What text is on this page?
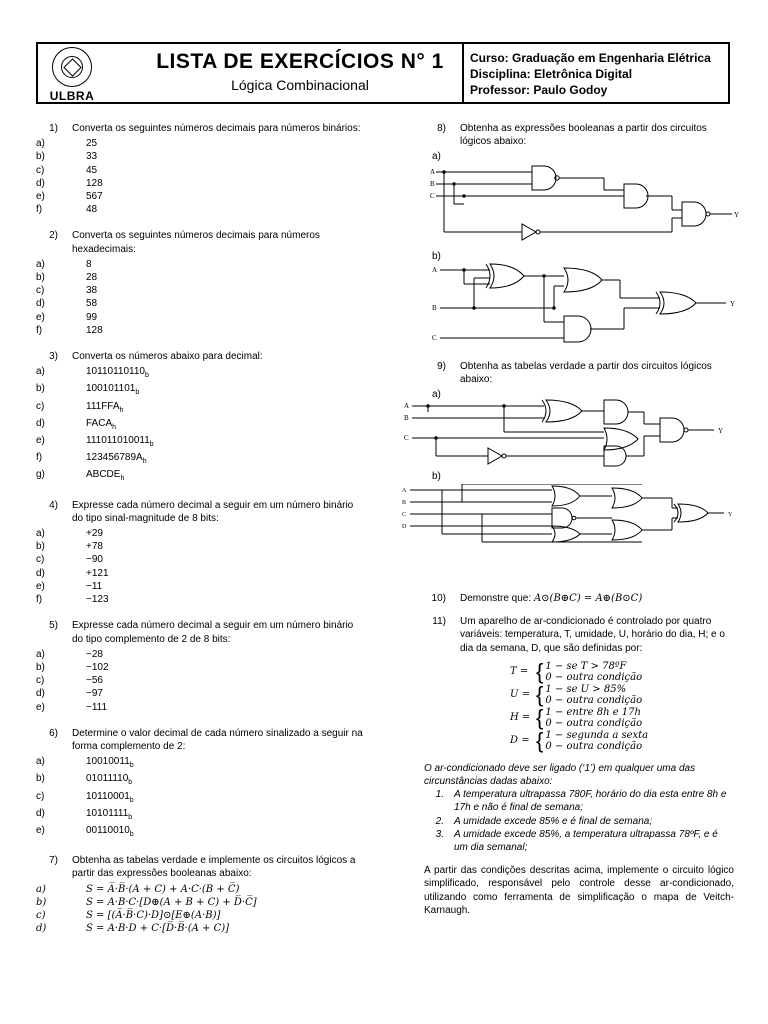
ULBRA
LISTA DE EXERCÍCIOS N° 1
Lógica Combinacional
Curso: Graduação em Engenharia Elétrica
Disciplina: Eletrônica Digital
Professor: Paulo Godoy
1)	Converta os seguintes números decimais para números binários:
a)	25
b)	33
c)	45
d)	128
e)	567
f)	48
2)	Converta os seguintes números decimais para números hexadecimais:
a)	8
b)	28
c)	38
d)	58
e)	99
f)	128
3)	Converta os números abaixo para decimal:
a)	$10110110110_b$
b)	$100101101_b$
c)	$111FFA_h$
d)	$FACA_h$
e)	$111011010011_b$
f)	$123456789A_h$
g)	$ABCDE_h$
4)	Expresse cada número decimal a seguir em um número binário do tipo sinal-magnitude de 8 bits:
a)	+29
b)	+78
c)	−90
d)	+121
e)	−11
f)	−123
5)	Expresse cada número decimal a seguir em um número binário do tipo complemento de 2 de 8 bits:
a)	−28
b)	−102
c)	−56
d)	−97
e)	−111
6)	Determine o valor decimal de cada número sinalizado a seguir na forma complemento de 2:
a)	$10010011_b$
b)	$01011110_b$
c)	$10110001_b$
d)	$10101111_b$
e)	$00110010_b$
7)	Obtenha as tabelas verdade e implemente os circuitos lógicos a partir das expressões booleanas abaixo:
a)	S = A̅·B̅·(A + C) + A·C·(B + C̅)
b)	S = A·B·C·[D⊕(A + B + C) + D̅·C̅]
c)	S = [(A̅·B̅·C)·D]⊙[E⊕(A·B)]
d)	S = A·B·D + C·[D̅·B̅·(A + C)]
8)	Obtenha as expressões booleanas a partir dos circuitos lógicos abaixo:
a)
A
B
C
Y
b)
A
B
C
Y
9)	Obtenha as tabelas verdade a partir dos circuitos lógicos abaixo:
a)
A
B
C
Y
b)
A
B
C
D
Y
10)	Demonstre que: A⊙(B⊕C) = A⊕(B⊙C)
11)	Um aparelho de ar-condicionado é controlado por quatro variáveis: temperatura, T, umidade, U, horário do dia, H; e o dia da semana, D, que são definidas por:
T = { 1 − se T > 78ºF
0 − outra condição
U = { 1 − se U > 85%
0 − outra condição
H = { 1 − entre 8h e 17h
0 − outra condição
D = { 1 − segunda a sexta
0 − outra condição
O ar-condicionado deve ser ligado (‘1’) em qualquer uma das circunstâncias dadas abaixo:
1.	A temperatura ultrapassa 780F, horário do dia esta entre 8h e 17h e não é final de semana;
2.	A umidade excede 85% e é final de semana;
3.	A umidade excede 85%, a temperatura ultrapassa 78ºF, e é um dia semanal;
A partir das condições descritas acima, implemente o circuito lógico simplificado, responsável pelo controle desse ar-condicionado, utilizando como ferramenta de simplificação o mapa de Veitch-Karnaugh.
